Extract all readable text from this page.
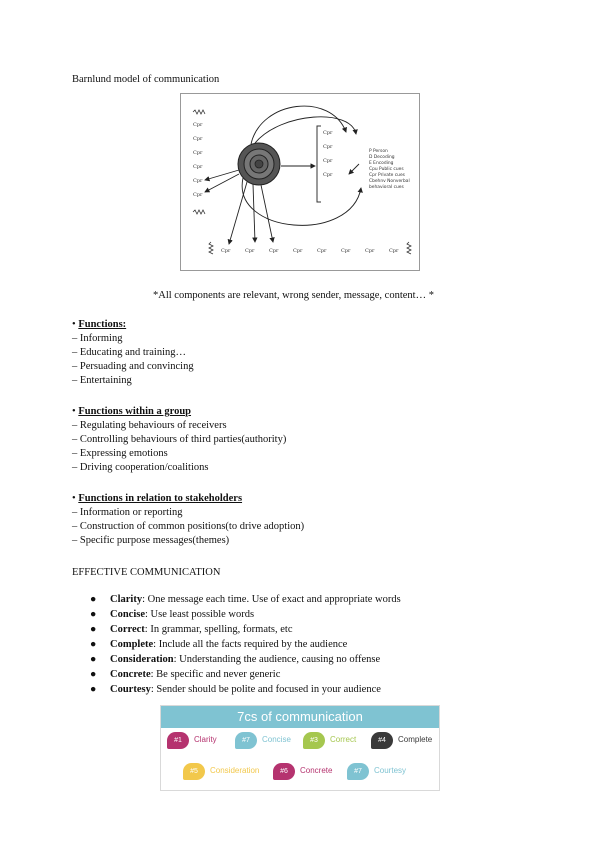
Barnlund model of communication
Cpr
Cpr
Cpr
Cpr
Cpr
Cpr
Cpr
Cpr
Cpr
Cpr
Cpr	Cpr	Cpr	Cpr	Cpr	Cpr	Cpr	Cpr
P Person
D Decoding
E Encoding
Cpu Public cues
Cpr Private cues
Cbehnv Nonverbal
behavioral cues
*All components are relevant, wrong sender, message, content… *
• Functions:
– Informing
– Educating and training…
– Persuading and convincing
– Entertaining
• Functions within a group
– Regulating behaviours of receivers
– Controlling behaviours of third parties(authority)
– Expressing emotions
– Driving cooperation/coalitions
• Functions in relation to stakeholders
– Information or reporting
– Construction of common positions(to drive adoption)
– Specific purpose messages(themes)
EFFECTIVE COMMUNICATION
● Clarity: One message each time. Use of exact and appropriate words
● Concise: Use least possible words
● Correct: In grammar, spelling, formats, etc
● Complete: Include all the facts required by the audience
● Consideration: Understanding the audience, causing no offense
● Concrete: Be specific and never generic
● Courtesy: Sender should be polite and focused in your audience
7cs of communication
#1	Clarity	#7	Concise	#3	Correct	#4	Complete
#5	Consideration	#6	Concrete	#7	Courtesy
